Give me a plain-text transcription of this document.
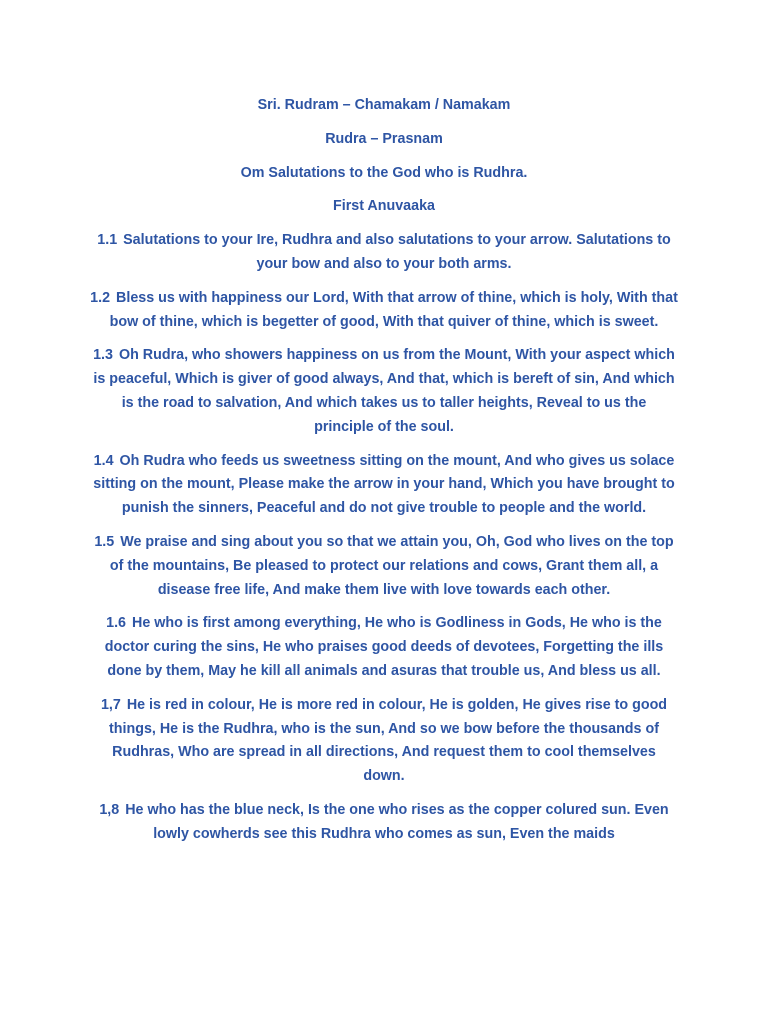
Sri. Rudram – Chamakam / Namakam

Rudra – Prasnam

Om Salutations to the God who is Rudhra.

First Anuvaaka

1.1 Salutations to your Ire, Rudhra and also salutations to your arrow. Salutations to your bow and also to your both arms.

1.2 Bless us with happiness our Lord, With that arrow of thine, which is holy, With that bow of thine, which is begetter of good, With that quiver of thine, which is sweet.

1.3 Oh Rudra, who showers happiness on us from the Mount, With your aspect which is peaceful, Which is giver of good always, And that, which is bereft of sin, And which is the road to salvation, And which takes us to taller heights, Reveal to us the principle of the soul.

1.4 Oh Rudra who feeds us sweetness sitting on the mount, And who gives us solace sitting on the mount, Please make the arrow in your hand, Which you have brought to punish the sinners, Peaceful and do not give trouble to people and the world.

1.5 We praise and sing about you so that we attain you, Oh, God who lives on the top of the mountains, Be pleased to protect our relations and cows, Grant them all, a disease free life, And make them live with love towards each other.

1.6 He who is first among everything, He who is Godliness in Gods, He who is the doctor curing the sins, He who praises good deeds of devotees, Forgetting the ills done by them, May he kill all animals and asuras that trouble us, And bless us all.

1,7 He is red in colour, He is more red in colour, He is golden, He gives rise to good things, He is the Rudhra, who is the sun, And so we bow before the thousands of Rudhras, Who are spread in all directions, And request them to cool themselves down.

1,8 He who has the blue neck, Is the one who rises as the copper colured sun. Even lowly cowherds see this Rudhra who comes as sun, Even the maids
